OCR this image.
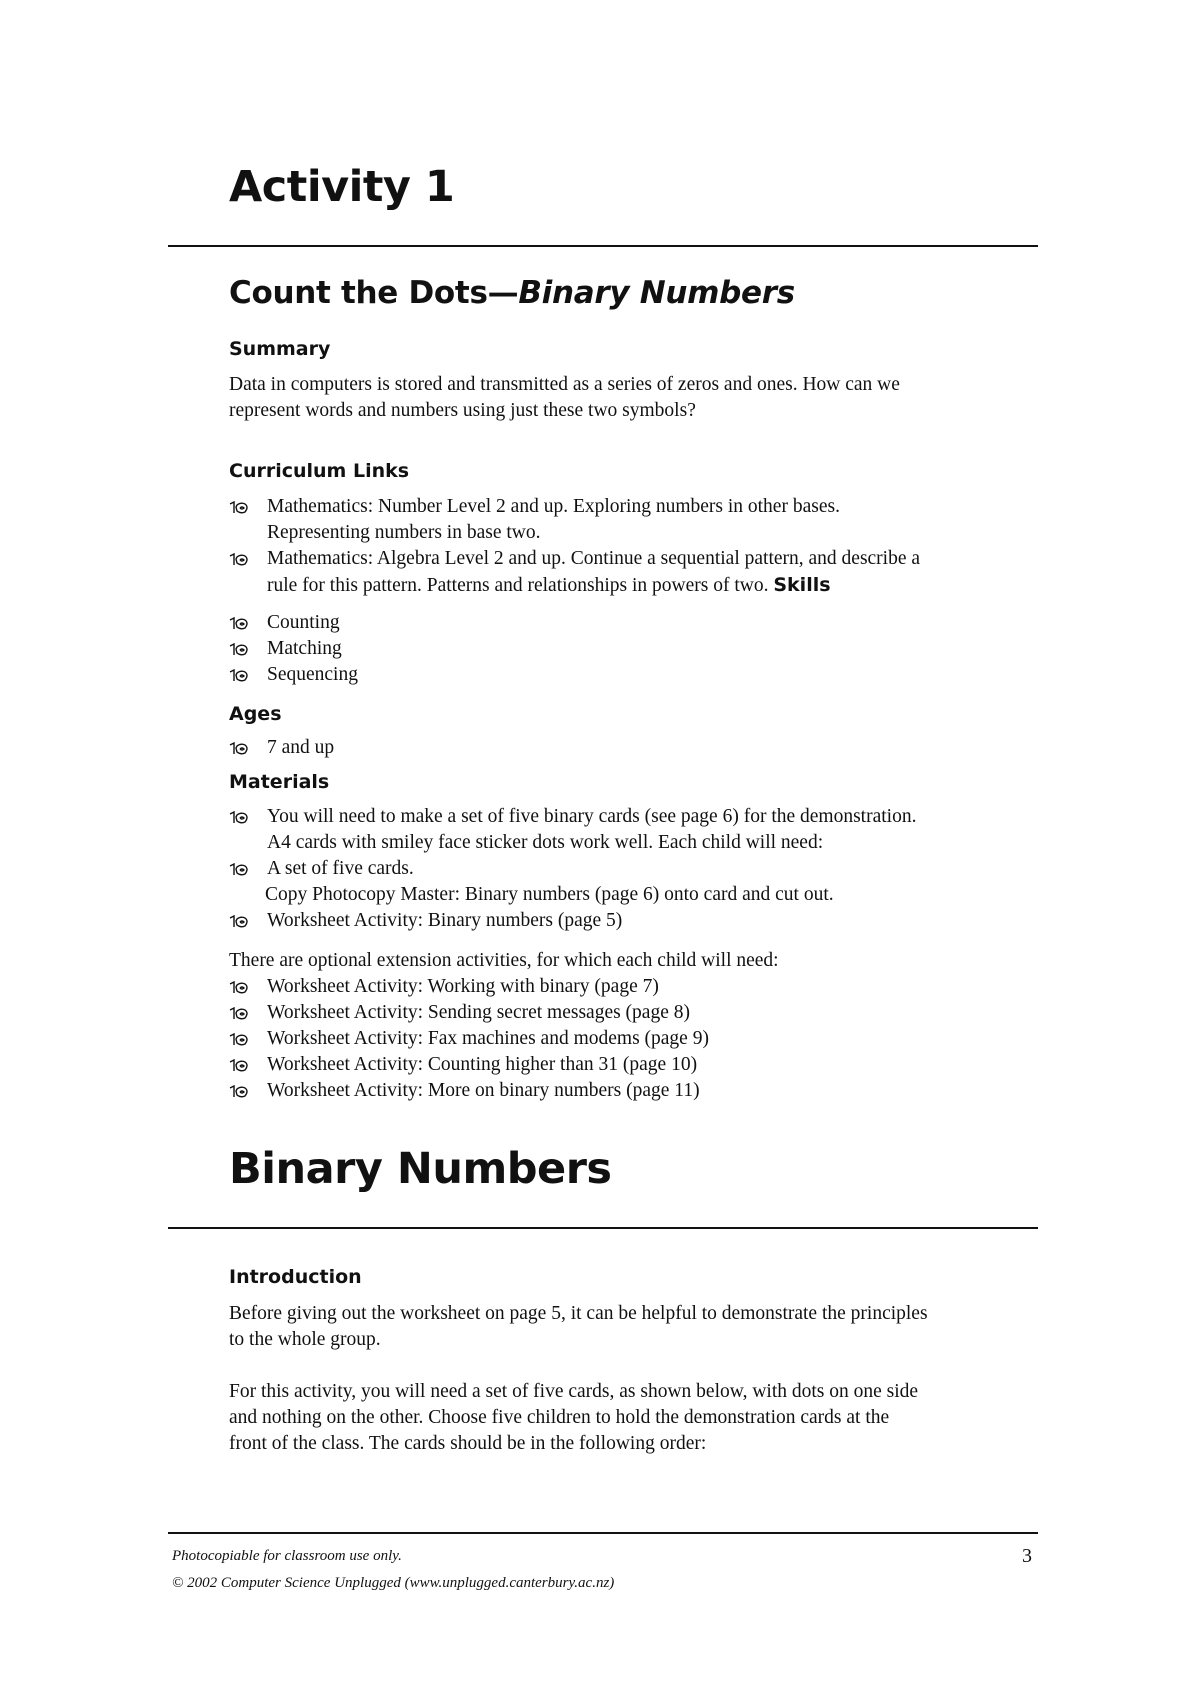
Activity 1
Count the Dots—Binary Numbers
Summary

Data in computers is stored and transmitted as a series of zeros and ones. How can we
represent words and numbers using just these two symbols?

Curriculum Links
Mathematics: Number Level 2 and up. Exploring numbers in other bases.
Representing numbers in base two.
Mathematics: Algebra Level 2 and up. Continue a sequential pattern, and describe a
rule for this pattern. Patterns and relationships in powers of two. Skills
Counting
Matching
Sequencing
Ages
7 and up
Materials
You will need to make a set of five binary cards (see page 6) for the demonstration.
A4 cards with smiley face sticker dots work well. Each child will need:
A set of five cards.
Copy Photocopy Master: Binary numbers (page 6) onto card and cut out.
Worksheet Activity: Binary numbers (page 5)

There are optional extension activities, for which each child will need:

Worksheet Activity: Working with binary (page 7)
Worksheet Activity: Sending secret messages (page 8)
Worksheet Activity: Fax machines and modems (page 9)
Worksheet Activity: Counting higher than 31 (page 10)
Worksheet Activity: More on binary numbers (page 11)
Binary Numbers
Introduction

Before giving out the worksheet on page 5, it can be helpful to demonstrate the principles
to the whole group.

For this activity, you will need a set of five cards, as shown below, with dots on one side
and nothing on the other. Choose five children to hold the demonstration cards at the
front of the class. The cards should be in the following order:

Photocopiable for classroom use only.

© 2002 Computer Science Unplugged (www.unplugged.canterbury.ac.nz)

3
